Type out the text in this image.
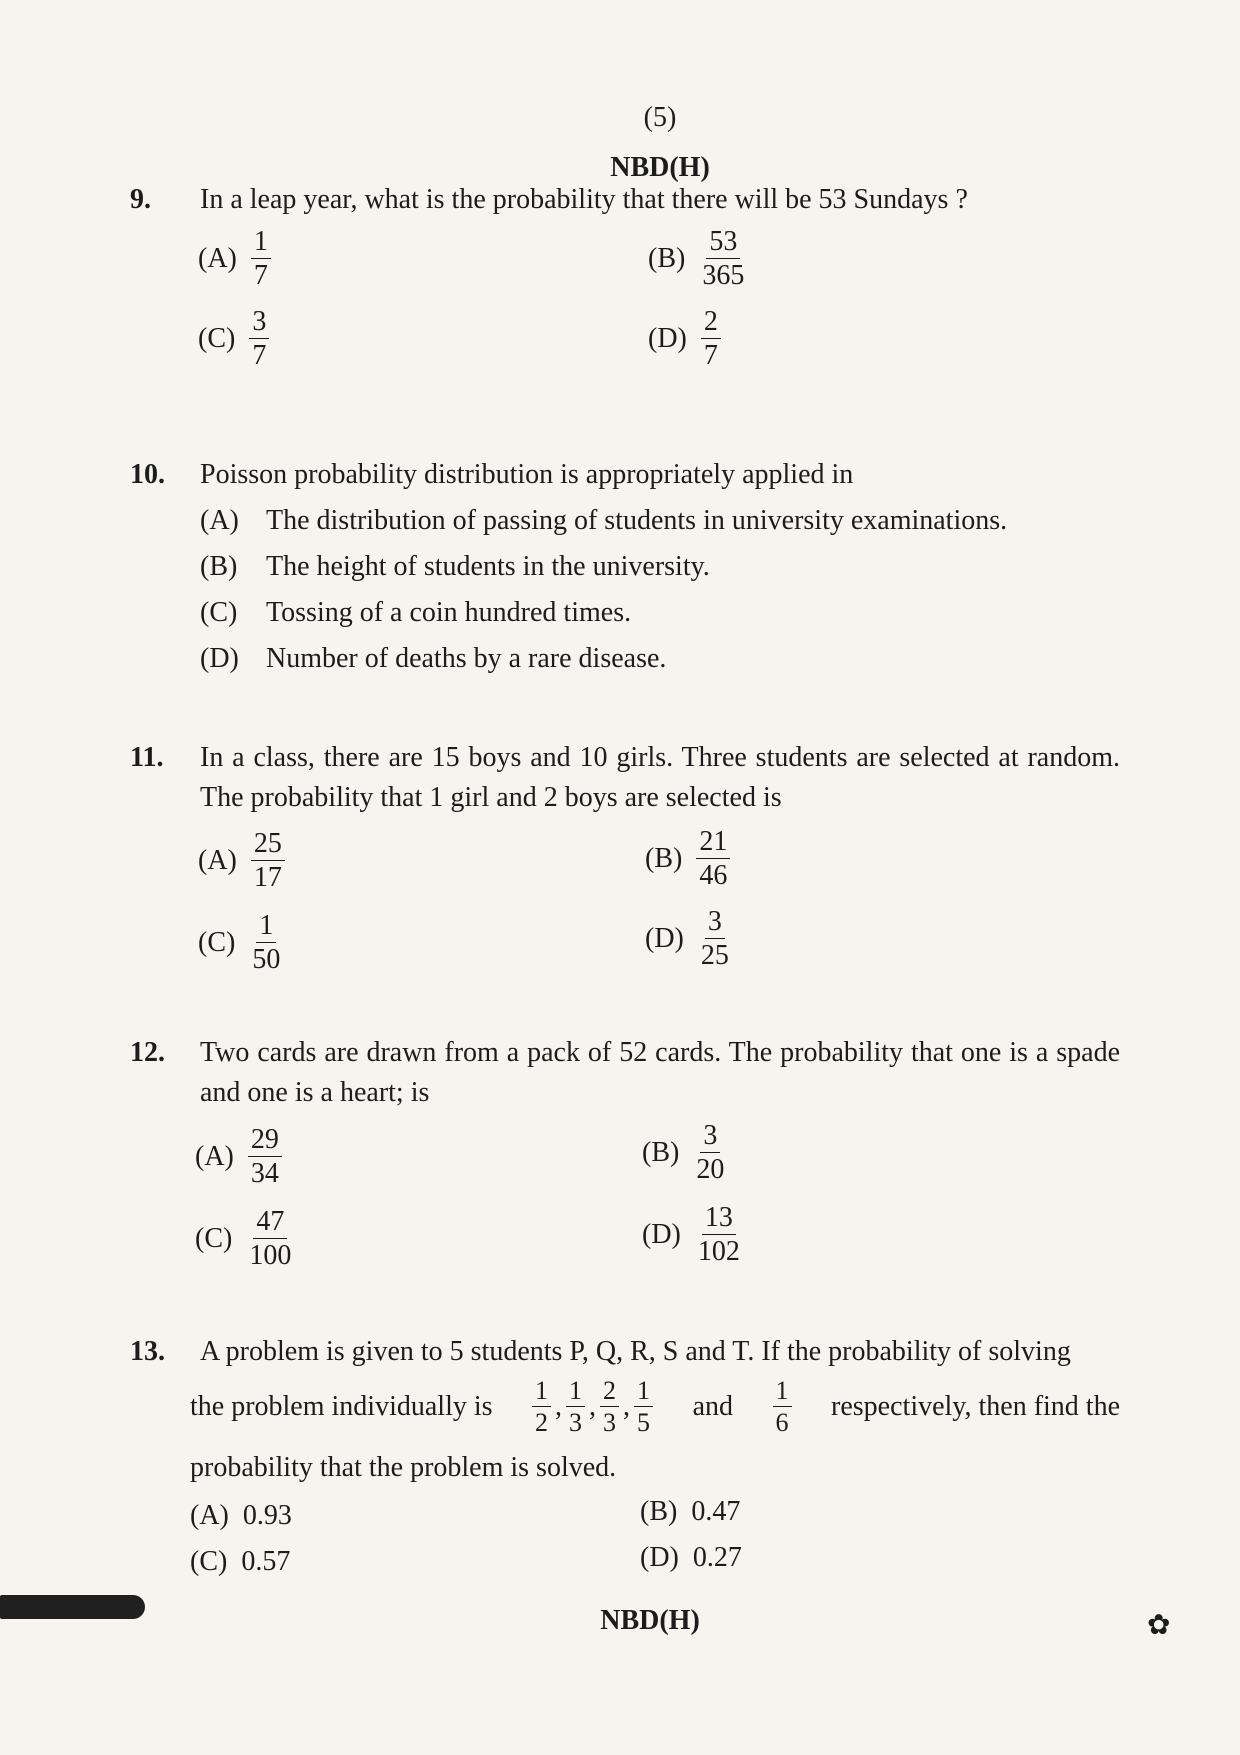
(5)
NBD(H)
9. In a leap year, what is the probability that there will be 53 Sundays ?
$(A) \frac{1}{7}$	$(B) \frac{53}{365}$
$(C) \frac{3}{7}$	$(D) \frac{2}{7}$
10. Poisson probability distribution is appropriately applied in
(A) The distribution of passing of students in university examinations.
(B) The height of students in the university.
(C) Tossing of a coin hundred times.
(D) Number of deaths by a rare disease.
11. In a class, there are 15 boys and 10 girls. Three students are selected at random. The probability that 1 girl and 2 boys are selected is
$(A) \frac{25}{17}$	$(B) \frac{21}{46}$
$(C) \frac{1}{50}$	$(D) \frac{3}{25}$
12. Two cards are drawn from a pack of 52 cards. The probability that one is a spade and one is a heart; is
$(A) \frac{29}{34}$	$(B) \frac{3}{20}$
$(C) \frac{47}{100}$	$(D) \frac{13}{102}$
13. A problem is given to 5 students P, Q, R, S and T. If the probability of solving
the problem individually is $\frac{1}{2}$ , $\frac{1}{3}$ , $\frac{2}{3}$ , $\frac{1}{5}$ and $\frac{1}{6}$ respectively, then find the
probability that the problem is solved.
(A) 0.93	(B) 0.47
(C) 0.57	(D) 0.27
NBD(H)	✿
